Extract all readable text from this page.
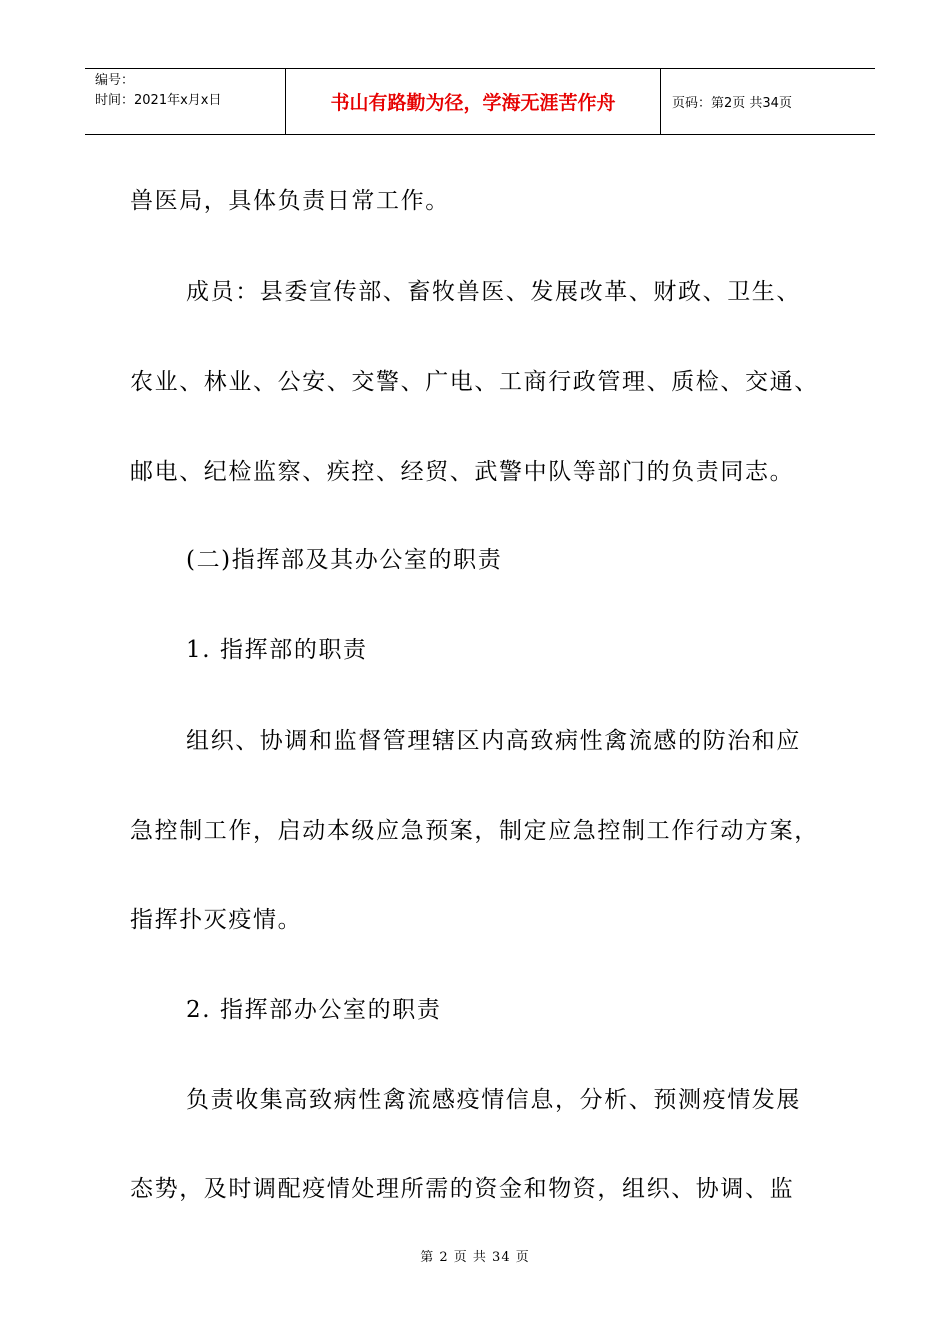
编号：
时间：2021年x月x日	书山有路勤为径，学海无涯苦作舟	页码：第2页 共34页

兽医局，具体负责日常工作。

成员：县委宣传部、畜牧兽医、发展改革、财政、卫生、

农业、林业、公安、交警、广电、工商行政管理、质检、交通、

邮电、纪检监察、疾控、经贸、武警中队等部门的负责同志。

(二)指挥部及其办公室的职责

1. 指挥部的职责

组织、协调和监督管理辖区内高致病性禽流感的防治和应

急控制工作，启动本级应急预案，制定应急控制工作行动方案，

指挥扑灭疫情。

2. 指挥部办公室的职责

负责收集高致病性禽流感疫情信息，分析、预测疫情发展

态势，及时调配疫情处理所需的资金和物资，组织、协调、监

第 2 页 共 34 页
